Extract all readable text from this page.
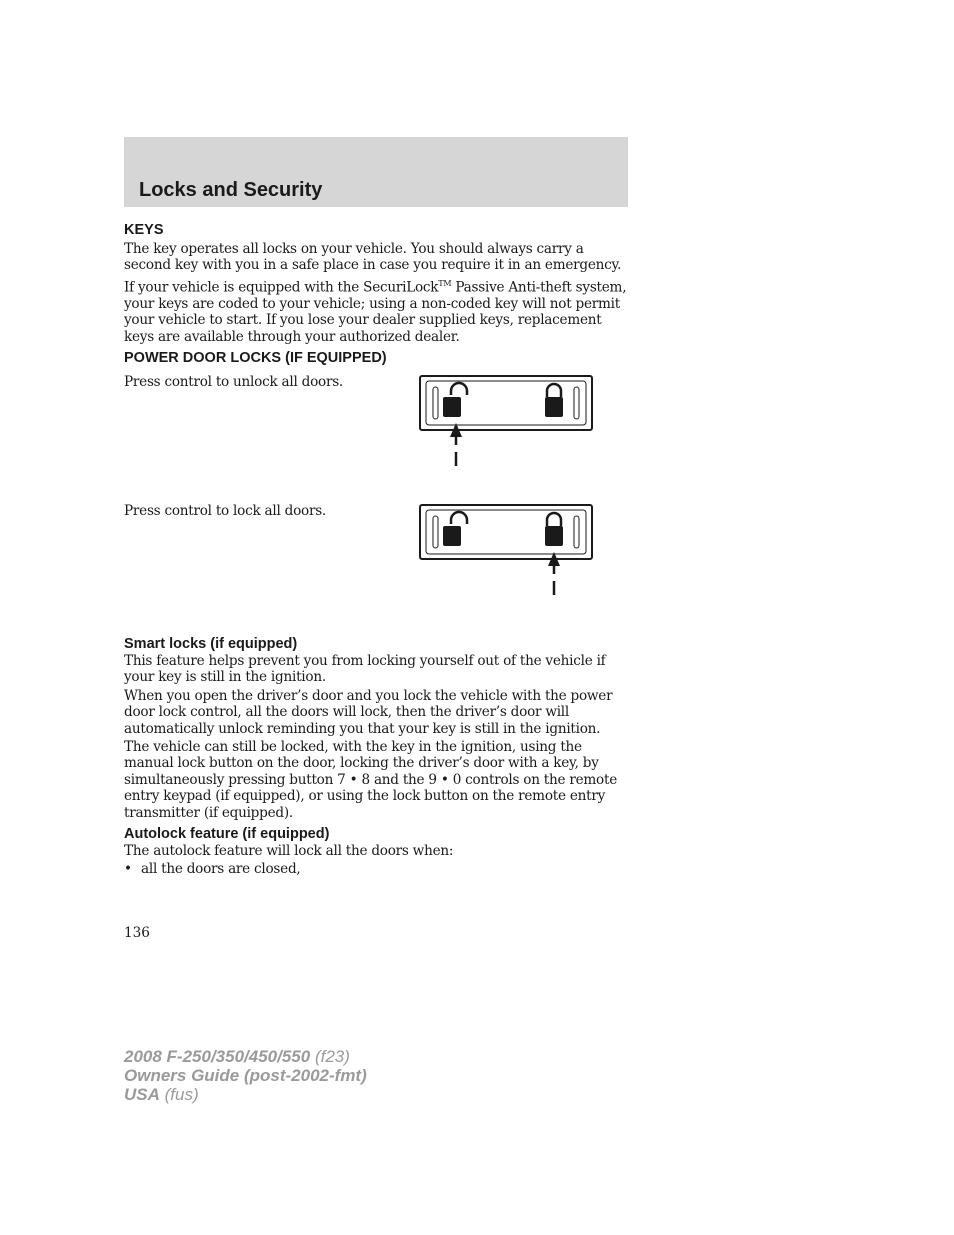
Locks and Security
KEYS

The key operates all locks on your vehicle. You should always carry a second key with you in a safe place in case you require it in an emergency.

If your vehicle is equipped with the SecuriLock™ Passive Anti-theft system, your keys are coded to your vehicle; using a non-coded key will not permit your vehicle to start. If you lose your dealer supplied keys, replacement keys are available through your authorized dealer.

POWER DOOR LOCKS (IF EQUIPPED)

Press control to unlock all doors.

Press control to lock all doors.

Smart locks (if equipped)

This feature helps prevent you from locking yourself out of the vehicle if your key is still in the ignition.

When you open the driver’s door and you lock the vehicle with the power door lock control, all the doors will lock, then the driver’s door will automatically unlock reminding you that your key is still in the ignition.

The vehicle can still be locked, with the key in the ignition, using the manual lock button on the door, locking the driver’s door with a key, by simultaneously pressing button 7 • 8 and the 9 • 0 controls on the remote entry keypad (if equipped), or using the lock button on the remote entry transmitter (if equipped).

Autolock feature (if equipped)

The autolock feature will lock all the doors when:

• all the doors are closed,
136
2008 F-250/350/450/550 (f23)
Owners Guide (post-2002-fmt)
USA (fus)
